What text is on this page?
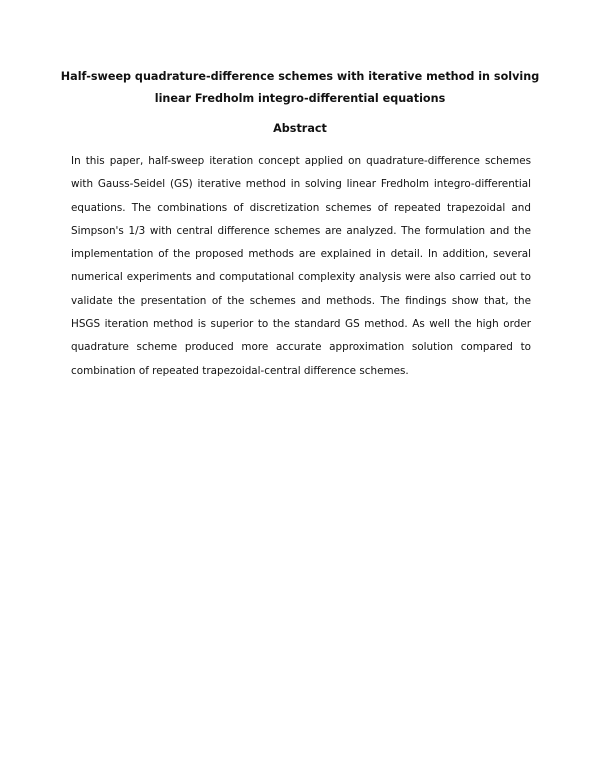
Half-sweep quadrature-difference schemes with iterative method in solving
linear Fredholm integro-differential equations
Abstract

In this paper, half-sweep iteration concept applied on quadrature-difference schemes with Gauss-Seidel (GS) iterative method in solving linear Fredholm integro-differential equations. The combinations of discretization schemes of repeated trapezoidal and Simpson's 1/3 with central difference schemes are analyzed. The formulation and the implementation of the proposed methods are explained in detail. In addition, several numerical experiments and computational complexity analysis were also carried out to validate the presentation of the schemes and methods. The findings show that, the HSGS iteration method is superior to the standard GS method. As well the high order quadrature scheme produced more accurate approximation solution compared to combination of repeated trapezoidal-central difference schemes.
